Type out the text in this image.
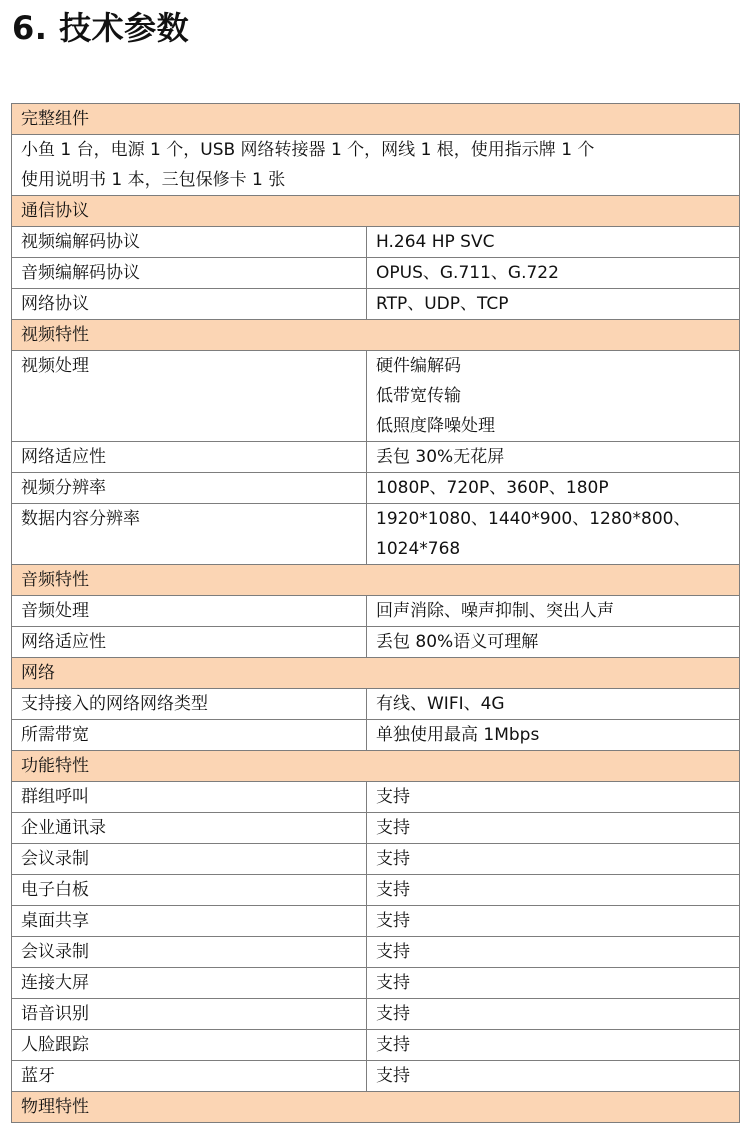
6. 技术参数
完整组件	

小鱼 1 台，电源 1 个，USB 网络转接器 1 个，网线 1 根，使用指示牌 1 个
使用说明书 1 本，三包保修卡 1 张	

通信协议	

视频编解码协议	H.264 HP SVC

音频编解码协议	OPUS、G.711、G.722

网络协议	RTP、UDP、TCP

视频特性	

视频处理	硬件编解码
低带宽传输
低照度降噪处理

网络适应性	丢包 30%无花屏

视频分辨率	1080P、720P、360P、180P

数据内容分辨率	1920*1080、1440*900、1280*800、
1024*768

音频特性	

音频处理	回声消除、噪声抑制、突出人声

网络适应性	丢包 80%语义可理解

网络	

支持接入的网络网络类型	有线、WIFI、4G

所需带宽	单独使用最高 1Mbps

功能特性	

群组呼叫	支持

企业通讯录	支持

会议录制	支持

电子白板	支持

桌面共享	支持

会议录制	支持

连接大屏	支持

语音识别	支持

人脸跟踪	支持

蓝牙	支持

物理特性	
